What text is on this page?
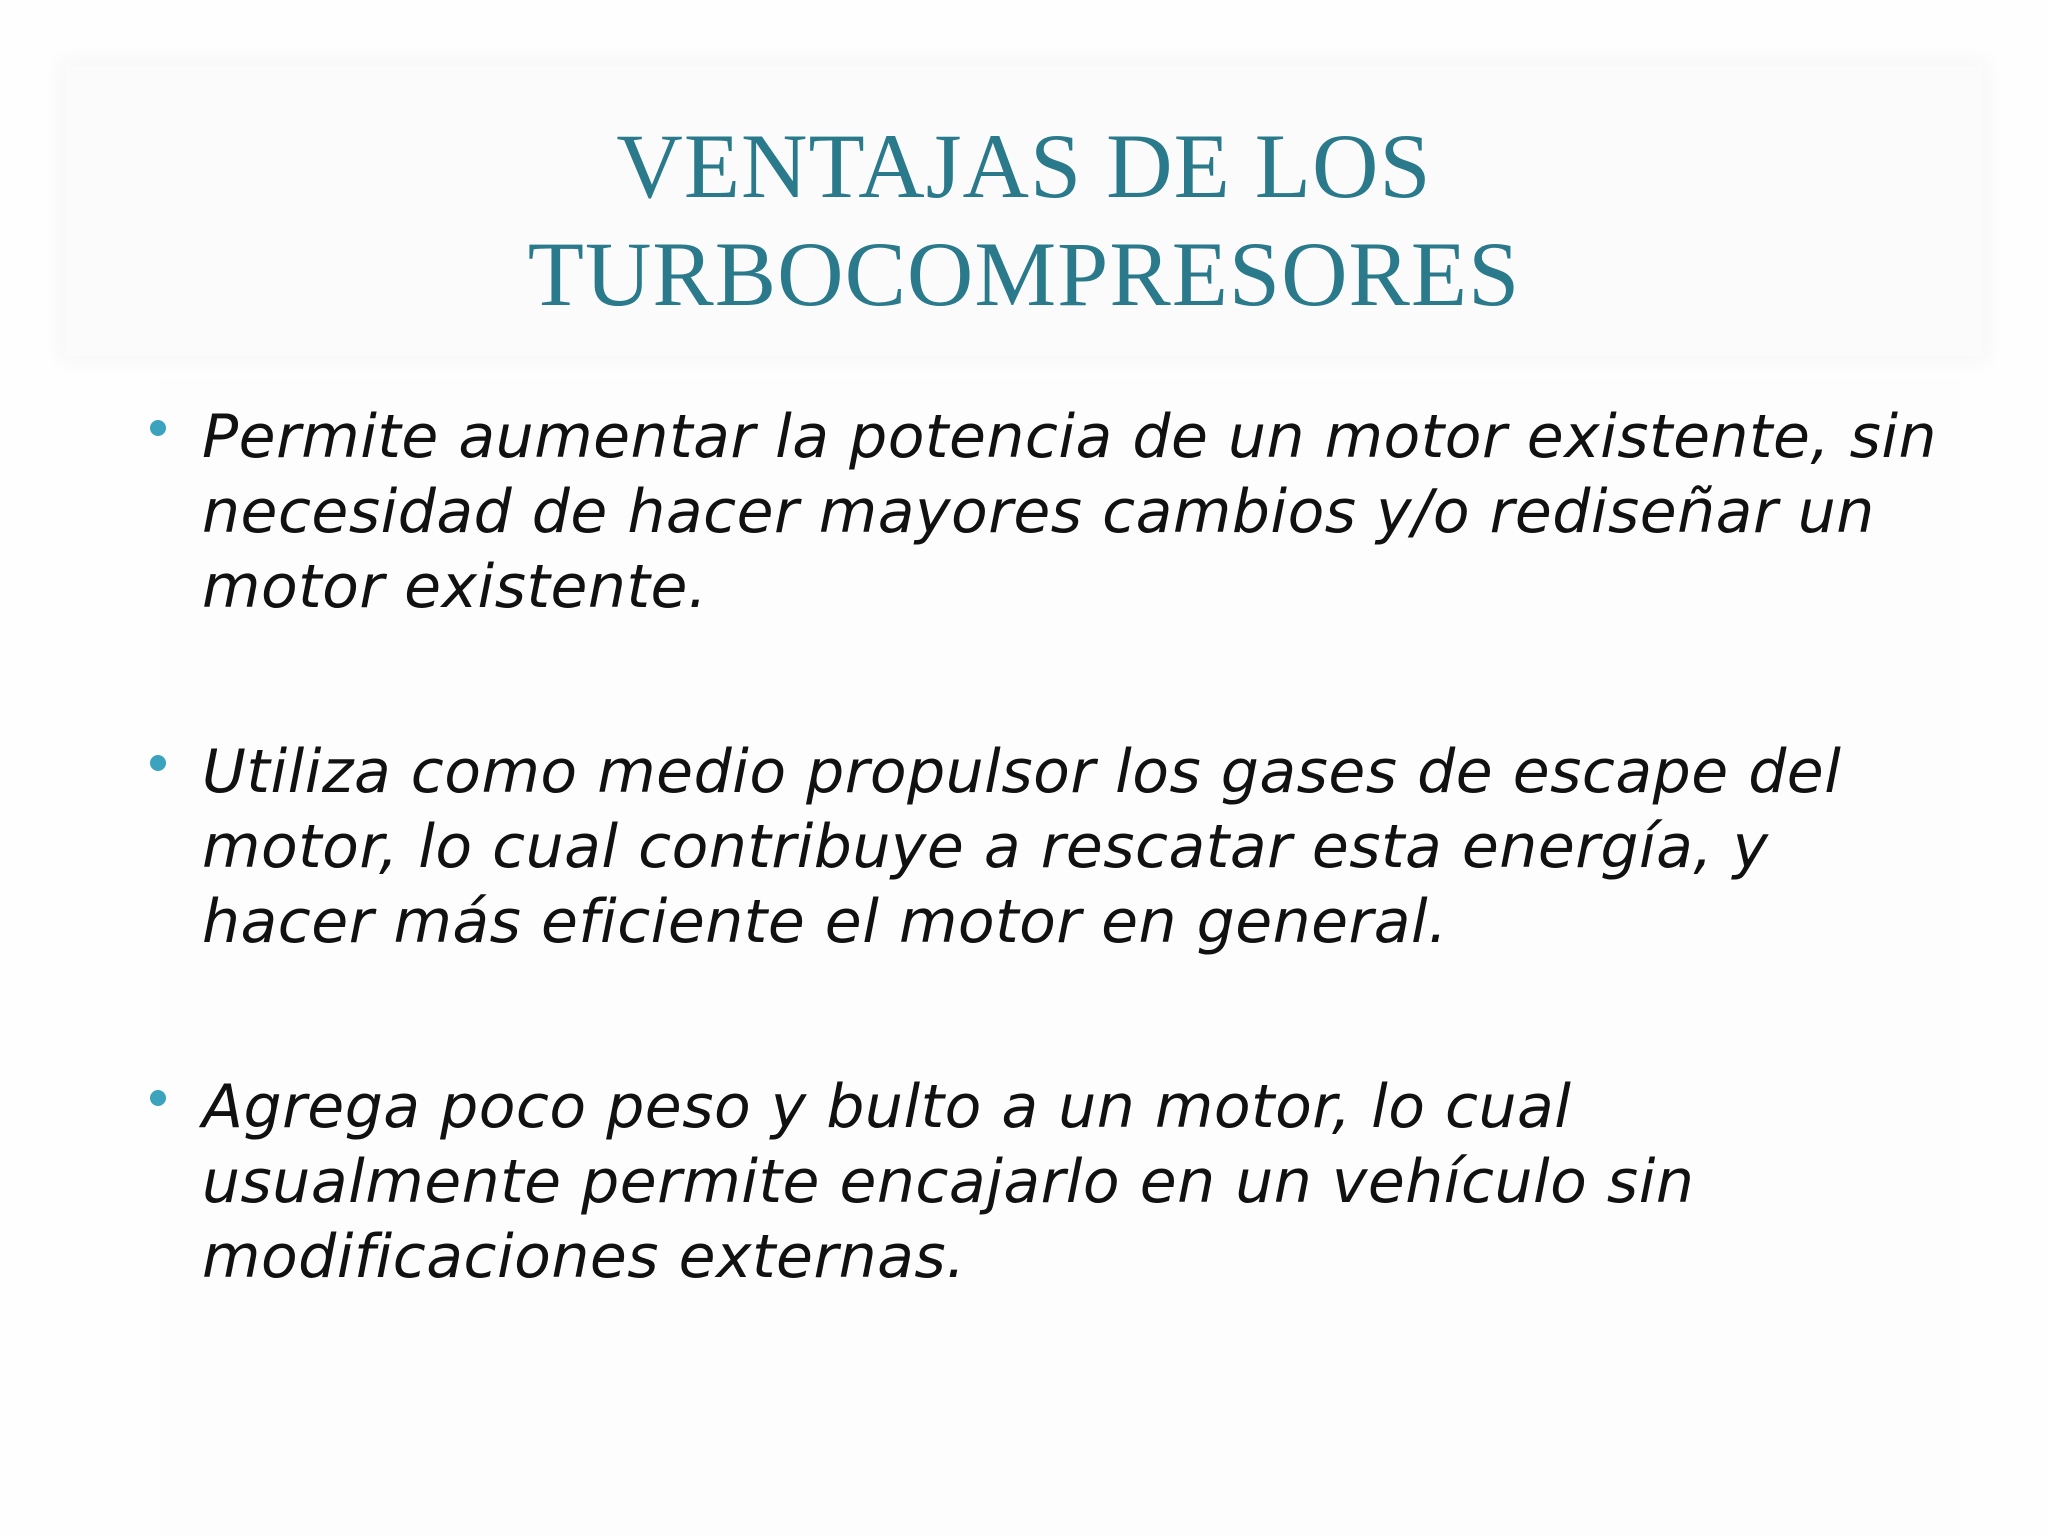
VENTAJAS DE LOS
TURBOCOMPRESORES
Permite aumentar la potencia de un motor existente, sin necesidad de hacer mayores cambios y/o rediseñar un motor existente.
Utiliza como medio propulsor los gases de escape del motor, lo cual contribuye a rescatar esta energía, y hacer más eficiente el motor en general.
Agrega poco peso y bulto a un motor, lo cual usualmente permite encajarlo en un vehículo sin modificaciones externas.
